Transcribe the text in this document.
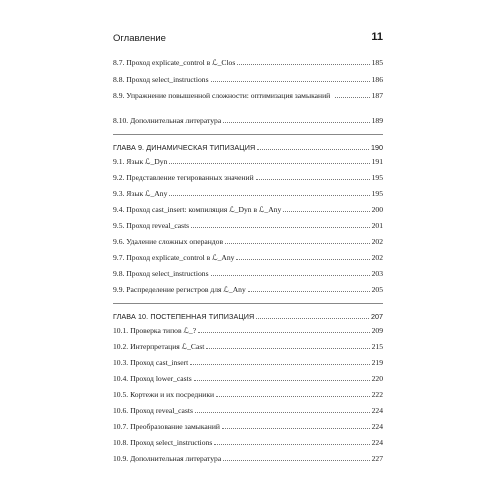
Оглавление	11
8.7. Проход explicate_control в ℒ_Clos	185
8.8. Проход select_instructions	186
8.9. Упражнение повышенной сложности: оптимизация замыканий	187
8.10. Дополнительная литература	189
ГЛАВА 9. ДИНАМИЧЕСКАЯ ТИПИЗАЦИЯ	190
9.1. Язык ℒ_Dyn	191
9.2. Представление тегированных значений	195
9.3. Язык ℒ_Any	195
9.4. Проход cast_insert: компиляция ℒ_Dyn в ℒ_Any	200
9.5. Проход reveal_casts	201
9.6. Удаление сложных операндов	202
9.7. Проход explicate_control в ℒ_Any	202
9.8. Проход select_instructions	203
9.9. Распределение регистров для ℒ_Any	205
ГЛАВА 10. ПОСТЕПЕННАЯ ТИПИЗАЦИЯ	207
10.1. Проверка типов ℒ_?	209
10.2. Интерпретация ℒ_Cast	215
10.3. Проход cast_insert	219
10.4. Проход lower_casts	220
10.5. Кортежи и их посредники	222
10.6. Проход reveal_casts	224
10.7. Преобразование замыканий	224
10.8. Проход select_instructions	224
10.9. Дополнительная литература	227
